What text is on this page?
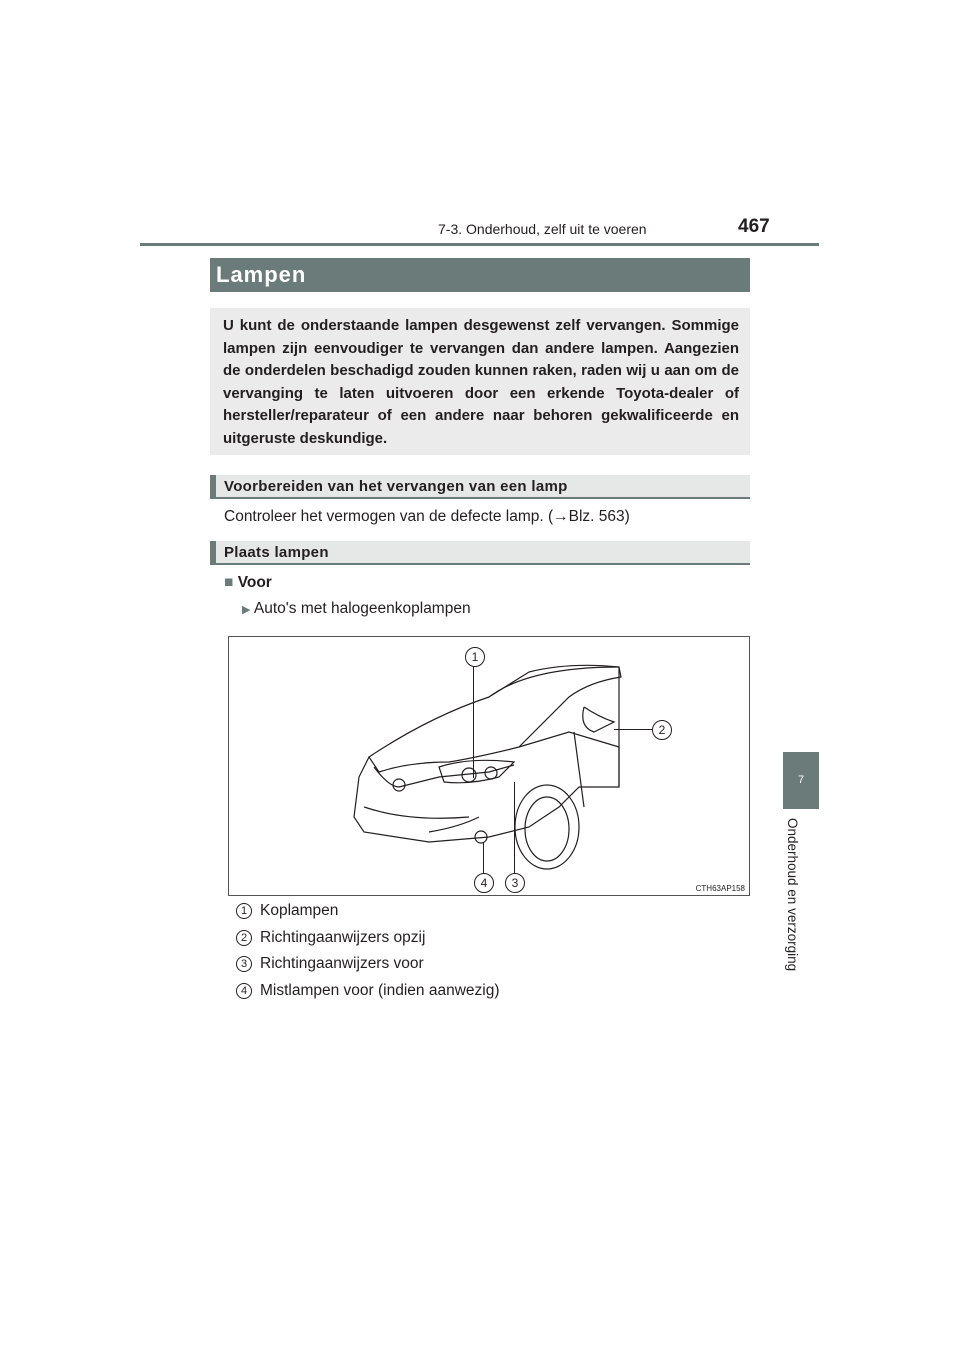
7-3. Onderhoud, zelf uit te voeren	467
Lampen
U kunt de onderstaande lampen desgewenst zelf vervangen. Sommige lampen zijn eenvoudiger te vervangen dan andere lampen. Aangezien de onderdelen beschadigd zouden kunnen raken, raden wij u aan om de vervanging te laten uitvoeren door een erkende Toyota-dealer of hersteller/reparateur of een andere naar behoren gekwalificeerde en uitgeruste deskundige.
Voorbereiden van het vervangen van een lamp
Controleer het vermogen van de defecte lamp. (→Blz. 563)
Plaats lampen
■ Voor
▶ Auto's met halogeenkoplampen
1
2
3
4	CTH63AP158
1 Koplampen
2 Richtingaanwijzers opzij
3 Richtingaanwijzers voor
4 Mistlampen voor (indien aanwezig)
7
Onderhoud en verzorging
